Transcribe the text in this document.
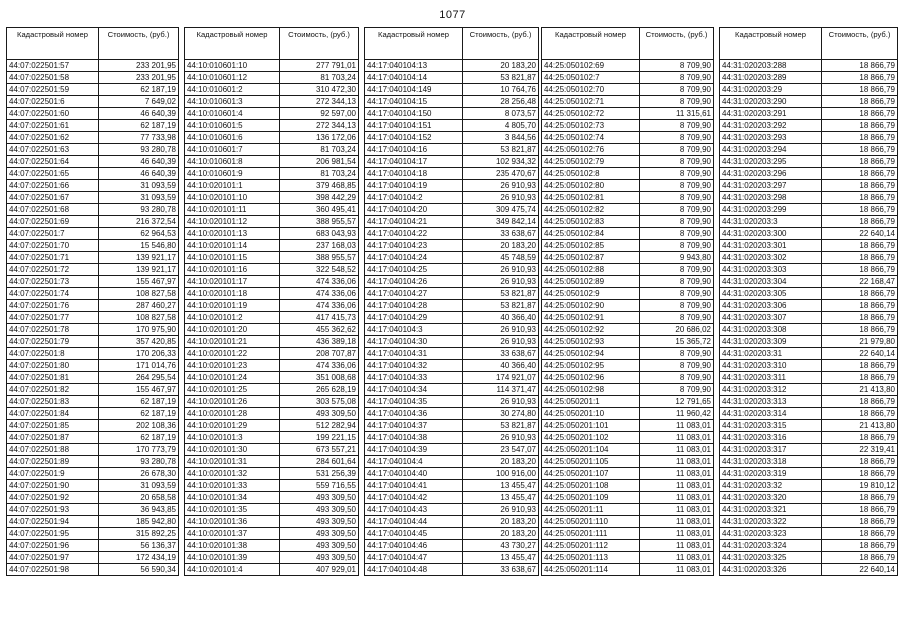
1077
Кадастровый номер	Стоимость, (руб.)
44:07:022501:57	233 201,95
44:07:022501:58	233 201,95
44:07:022501:59	62 187,19
44:07:022501:6	7 649,02
44:07:022501:60	46 640,39
44:07:022501:61	62 187,19
44:07:022501:62	77 733,98
44:07:022501:63	93 280,78
44:07:022501:64	46 640,39
44:07:022501:65	46 640,39
44:07:022501:66	31 093,59
44:07:022501:67	31 093,59
44:07:022501:68	93 280,78
44:07:022501:69	216 372,54
44:07:022501:7	62 964,53
44:07:022501:70	15 546,80
44:07:022501:71	139 921,17
44:07:022501:72	139 921,17
44:07:022501:73	155 467,97
44:07:022501:74	108 827,58
44:07:022501:76	287 460,27
44:07:022501:77	108 827,58
44:07:022501:78	170 975,90
44:07:022501:79	357 420,85
44:07:022501:8	170 206,33
44:07:022501:80	171 014,76
44:07:022501:81	264 295,54
44:07:022501:82	155 467,97
44:07:022501:83	62 187,19
44:07:022501:84	62 187,19
44:07:022501:85	202 108,36
44:07:022501:87	62 187,19
44:07:022501:88	170 773,79
44:07:022501:89	93 280,78
44:07:022501:9	26 678,30
44:07:022501:90	31 093,59
44:07:022501:92	20 658,58
44:07:022501:93	36 943,85
44:07:022501:94	185 942,80
44:07:022501:95	315 892,25
44:07:022501:96	56 136,37
44:07:022501:97	172 434,19
44:07:022501:98	56 590,34
Кадастровый номер	Стоимость, (руб.)
44:10:010601:10	277 791,01
44:10:010601:12	81 703,24
44:10:010601:2	310 472,30
44:10:010601:3	272 344,13
44:10:010601:4	92 597,00
44:10:010601:5	272 344,13
44:10:010601:6	136 172,06
44:10:010601:7	81 703,24
44:10:010601:8	206 981,54
44:10:010601:9	81 703,24
44:10:020101:1	379 468,85
44:10:020101:10	398 442,29
44:10:020101:11	360 495,41
44:10:020101:12	388 955,57
44:10:020101:13	683 043,93
44:10:020101:14	237 168,03
44:10:020101:15	388 955,57
44:10:020101:16	322 548,52
44:10:020101:17	474 336,06
44:10:020101:18	474 336,06
44:10:020101:19	474 336,06
44:10:020101:2	417 415,73
44:10:020101:20	455 362,62
44:10:020101:21	436 389,18
44:10:020101:22	208 707,87
44:10:020101:23	474 336,06
44:10:020101:24	351 008,68
44:10:020101:25	265 628,19
44:10:020101:26	303 575,08
44:10:020101:28	493 309,50
44:10:020101:29	512 282,94
44:10:020101:3	199 221,15
44:10:020101:30	673 557,21
44:10:020101:31	284 601,64
44:10:020101:32	531 256,39
44:10:020101:33	559 716,55
44:10:020101:34	493 309,50
44:10:020101:35	493 309,50
44:10:020101:36	493 309,50
44:10:020101:37	493 309,50
44:10:020101:38	493 309,50
44:10:020101:39	493 309,50
44:10:020101:4	407 929,01
Кадастровый номер	Стоимость, (руб.)
44:17:040104:13	20 183,20
44:17:040104:14	53 821,87
44:17:040104:149	10 764,76
44:17:040104:15	28 256,48
44:17:040104:150	8 073,57
44:17:040104:151	4 805,70
44:17:040104:152	3 844,56
44:17:040104:16	53 821,87
44:17:040104:17	102 934,32
44:17:040104:18	235 470,67
44:17:040104:19	26 910,93
44:17:040104:2	26 910,93
44:17:040104:20	309 475,74
44:17:040104:21	349 842,14
44:17:040104:22	33 638,67
44:17:040104:23	20 183,20
44:17:040104:24	45 748,59
44:17:040104:25	26 910,93
44:17:040104:26	26 910,93
44:17:040104:27	53 821,87
44:17:040104:28	53 821,87
44:17:040104:29	40 366,40
44:17:040104:3	26 910,93
44:17:040104:30	26 910,93
44:17:040104:31	33 638,67
44:17:040104:32	40 366,40
44:17:040104:33	174 921,07
44:17:040104:34	114 371,47
44:17:040104:35	26 910,93
44:17:040104:36	30 274,80
44:17:040104:37	53 821,87
44:17:040104:38	26 910,93
44:17:040104:39	23 547,07
44:17:040104:4	20 183,20
44:17:040104:40	100 916,00
44:17:040104:41	13 455,47
44:17:040104:42	13 455,47
44:17:040104:43	26 910,93
44:17:040104:44	20 183,20
44:17:040104:45	20 183,20
44:17:040104:46	43 730,27
44:17:040104:47	13 455,47
44:17:040104:48	33 638,67
Кадастровый номер	Стоимость, (руб.)
44:25:050102:69	8 709,90
44:25:050102:7	8 709,90
44:25:050102:70	8 709,90
44:25:050102:71	8 709,90
44:25:050102:72	11 315,61
44:25:050102:73	8 709,90
44:25:050102:74	8 709,90
44:25:050102:76	8 709,90
44:25:050102:79	8 709,90
44:25:050102:8	8 709,90
44:25:050102:80	8 709,90
44:25:050102:81	8 709,90
44:25:050102:82	8 709,90
44:25:050102:83	8 709,90
44:25:050102:84	8 709,90
44:25:050102:85	8 709,90
44:25:050102:87	9 943,80
44:25:050102:88	8 709,90
44:25:050102:89	8 709,90
44:25:050102:9	8 709,90
44:25:050102:90	8 709,90
44:25:050102:91	8 709,90
44:25:050102:92	20 686,02
44:25:050102:93	15 365,72
44:25:050102:94	8 709,90
44:25:050102:95	8 709,90
44:25:050102:96	8 709,90
44:25:050102:98	8 709,90
44:25:050201:1	12 791,65
44:25:050201:10	11 960,42
44:25:050201:101	11 083,01
44:25:050201:102	11 083,01
44:25:050201:104	11 083,01
44:25:050201:105	11 083,01
44:25:050201:107	11 083,01
44:25:050201:108	11 083,01
44:25:050201:109	11 083,01
44:25:050201:11	11 083,01
44:25:050201:110	11 083,01
44:25:050201:111	11 083,01
44:25:050201:112	11 083,01
44:25:050201:113	11 083,01
44:25:050201:114	11 083,01
Кадастровый номер	Стоимость, (руб.)
44:31:020203:288	18 866,79
44:31:020203:289	18 866,79
44:31:020203:29	18 866,79
44:31:020203:290	18 866,79
44:31:020203:291	18 866,79
44:31:020203:292	18 866,79
44:31:020203:293	18 866,79
44:31:020203:294	18 866,79
44:31:020203:295	18 866,79
44:31:020203:296	18 866,79
44:31:020203:297	18 866,79
44:31:020203:298	18 866,79
44:31:020203:299	18 866,79
44:31:020203:3	18 866,79
44:31:020203:300	22 640,14
44:31:020203:301	18 866,79
44:31:020203:302	18 866,79
44:31:020203:303	18 866,79
44:31:020203:304	22 168,47
44:31:020203:305	18 866,79
44:31:020203:306	18 866,79
44:31:020203:307	18 866,79
44:31:020203:308	18 866,79
44:31:020203:309	21 979,80
44:31:020203:31	22 640,14
44:31:020203:310	18 866,79
44:31:020203:311	18 866,79
44:31:020203:312	21 413,80
44:31:020203:313	18 866,79
44:31:020203:314	18 866,79
44:31:020203:315	21 413,80
44:31:020203:316	18 866,79
44:31:020203:317	22 319,41
44:31:020203:318	18 866,79
44:31:020203:319	18 866,79
44:31:020203:32	19 810,12
44:31:020203:320	18 866,79
44:31:020203:321	18 866,79
44:31:020203:322	18 866,79
44:31:020203:323	18 866,79
44:31:020203:324	18 866,79
44:31:020203:325	18 866,79
44:31:020203:326	22 640,14
